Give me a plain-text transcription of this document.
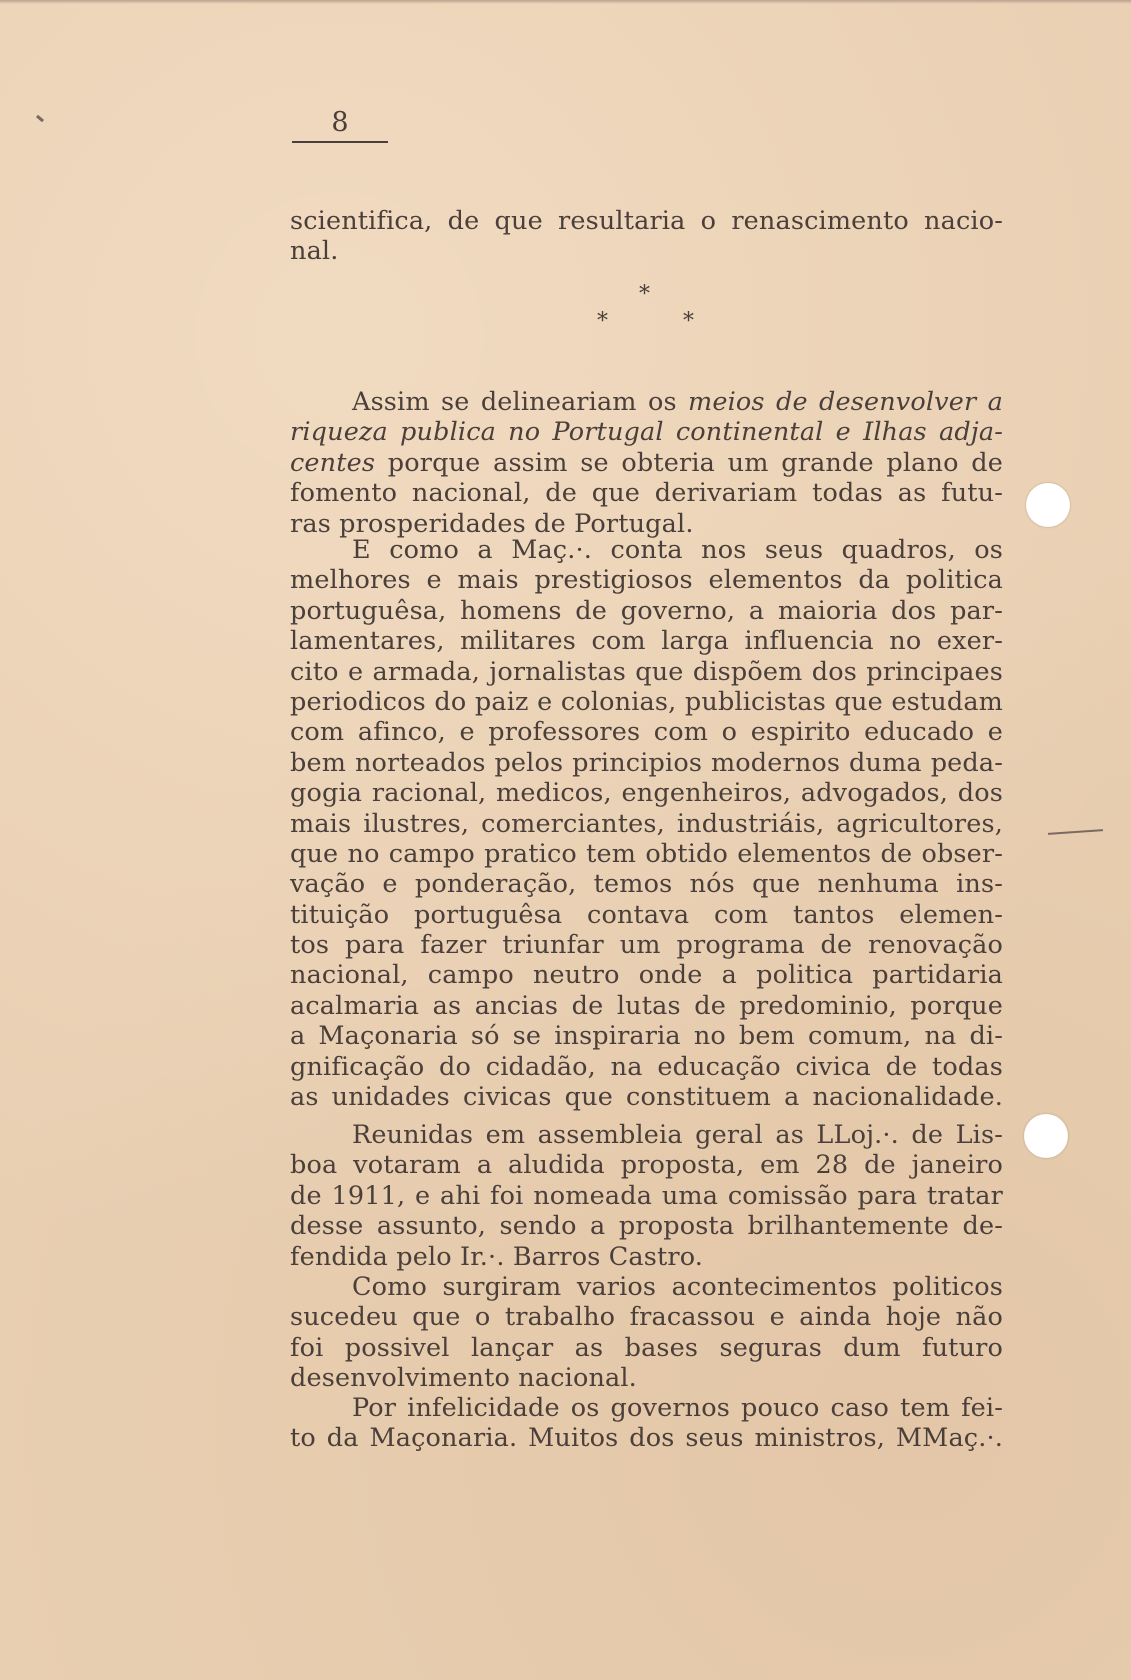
8
scientifica, de que resultaria o renascimento nacio-
nal.
*
*	*
Assim se delineariam os meios de desenvolver a
riqueza publica no Portugal continental e Ilhas adja-
centes porque assim se obteria um grande plano de
fomento nacional, de que derivariam todas as futu-
ras prosperidades de Portugal.
E como a Maç.·. conta nos seus quadros, os
melhores e mais prestigiosos elementos da politica
portuguêsa, homens de governo, a maioria dos par-
lamentares, militares com larga influencia no exer-
cito e armada, jornalistas que dispõem dos principaes
periodicos do paiz e colonias, publicistas que estudam
com afinco, e professores com o espirito educado e
bem norteados pelos principios modernos duma peda-
gogia racional, medicos, engenheiros, advogados, dos
mais ilustres, comerciantes, industriáis, agricultores,
que no campo pratico tem obtido elementos de obser-
vação e ponderação, temos nós que nenhuma ins-
tituição portuguêsa contava com tantos elemen-
tos para fazer triunfar um programa de renovação
nacional, campo neutro onde a politica partidaria
acalmaria as ancias de lutas de predominio, porque
a Maçonaria só se inspiraria no bem comum, na di-
gnificação do cidadão, na educação civica de todas
as unidades civicas que constituem a nacionalidade.
Reunidas em assembleia geral as LLoj.·. de Lis-
boa votaram a aludida proposta, em 28 de janeiro
de 1911, e ahi foi nomeada uma comissão para tratar
desse assunto, sendo a proposta brilhantemente de-
fendida pelo Ir.·. Barros Castro.
Como surgiram varios acontecimentos politicos
sucedeu que o trabalho fracassou e ainda hoje não
foi possivel lançar as bases seguras dum futuro
desenvolvimento nacional.
Por infelicidade os governos pouco caso tem fei-
to da Maçonaria. Muitos dos seus ministros, MMaç.·.
